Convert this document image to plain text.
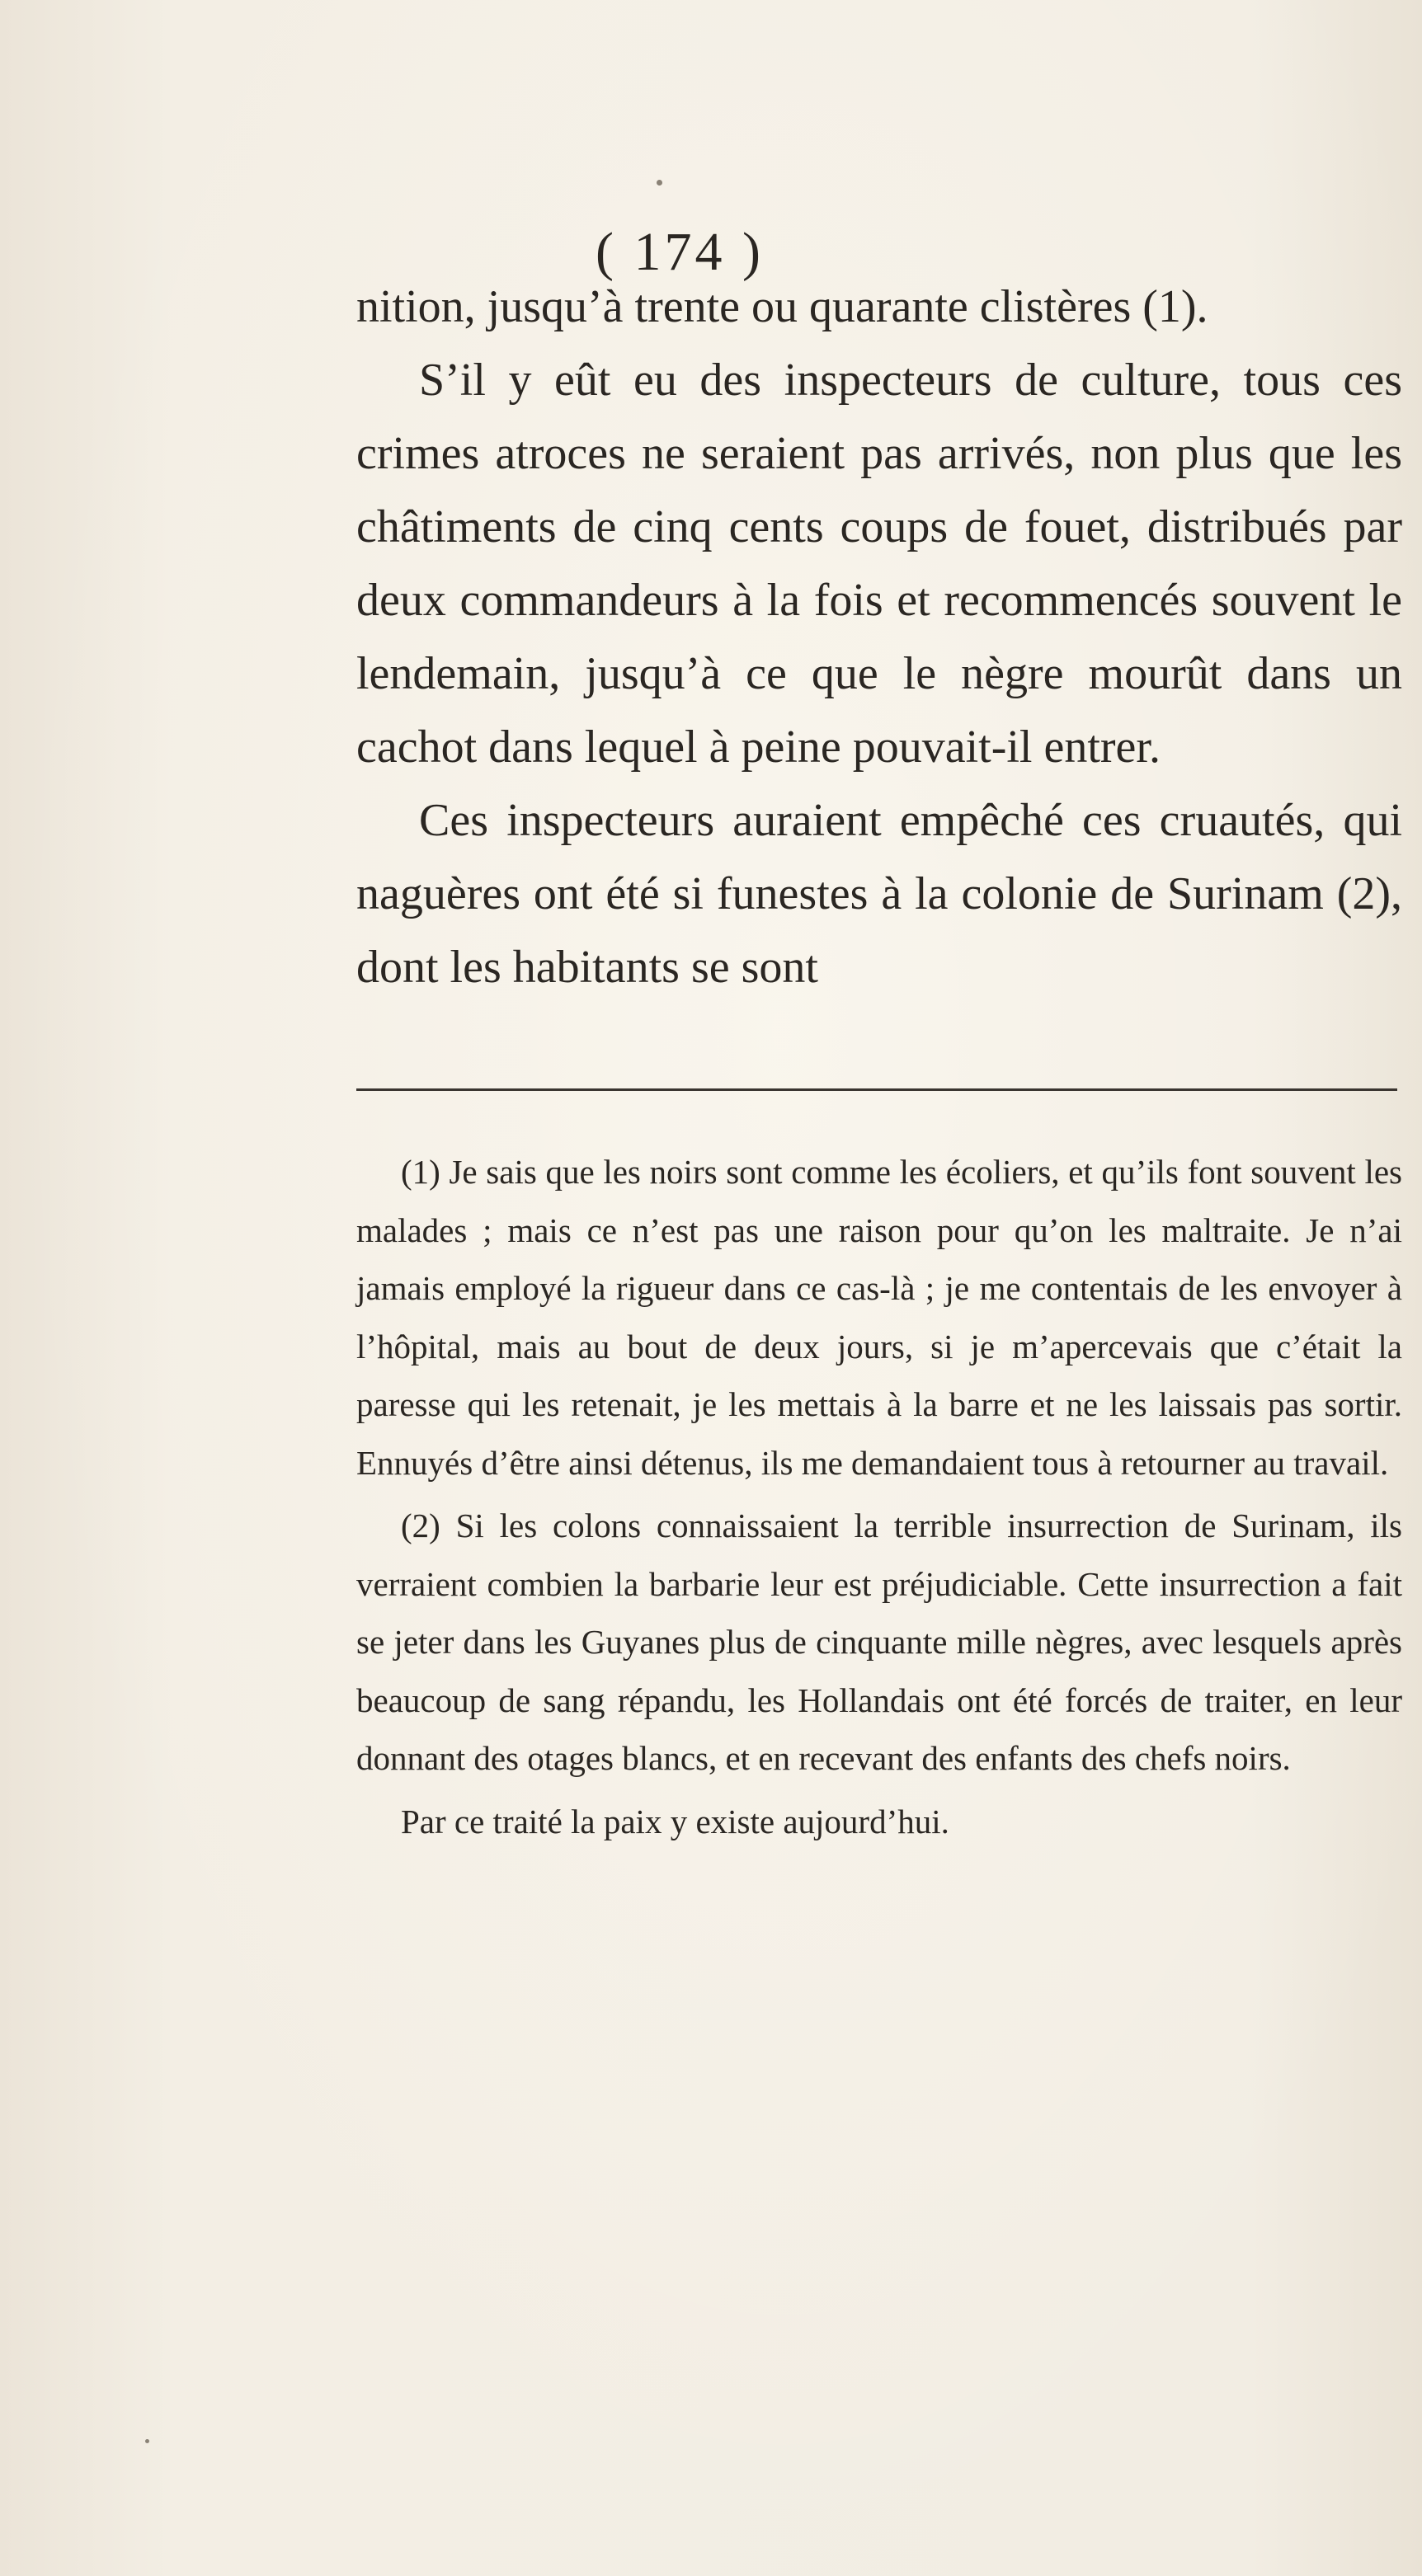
( 174 )

nition, jusqu’à trente ou quarante clistères (1).

S’il y eût eu des inspecteurs de culture, tous ces crimes atroces ne seraient pas arrivés, non plus que les châtiments de cinq cents coups de fouet, distribués par deux commandeurs à la fois et recommencés souvent le lendemain, jusqu’à ce que le nègre mourût dans un cachot dans lequel à peine pouvait-il entrer.

Ces inspecteurs auraient empêché ces cruautés, qui naguères ont été si funestes à la colonie de Surinam (2), dont les habitants se sont

(1) Je sais que les noirs sont comme les écoliers, et qu’ils font souvent les malades ; mais ce n’est pas une raison pour qu’on les maltraite. Je n’ai jamais employé la rigueur dans ce cas-là ; je me contentais de les envoyer à l’hôpital, mais au bout de deux jours, si je m’apercevais que c’était la paresse qui les retenait, je les mettais à la barre et ne les laissais pas sortir. Ennuyés d’être ainsi détenus, ils me demandaient tous à retourner au travail.

(2) Si les colons connaissaient la terrible insurrection de Surinam, ils verraient combien la barbarie leur est préjudiciable. Cette insurrection a fait se jeter dans les Guyanes plus de cinquante mille nègres, avec lesquels après beaucoup de sang répandu, les Hollandais ont été forcés de traiter, en leur donnant des otages blancs, et en recevant des enfants des chefs noirs.

Par ce traité la paix y existe aujourd’hui.
